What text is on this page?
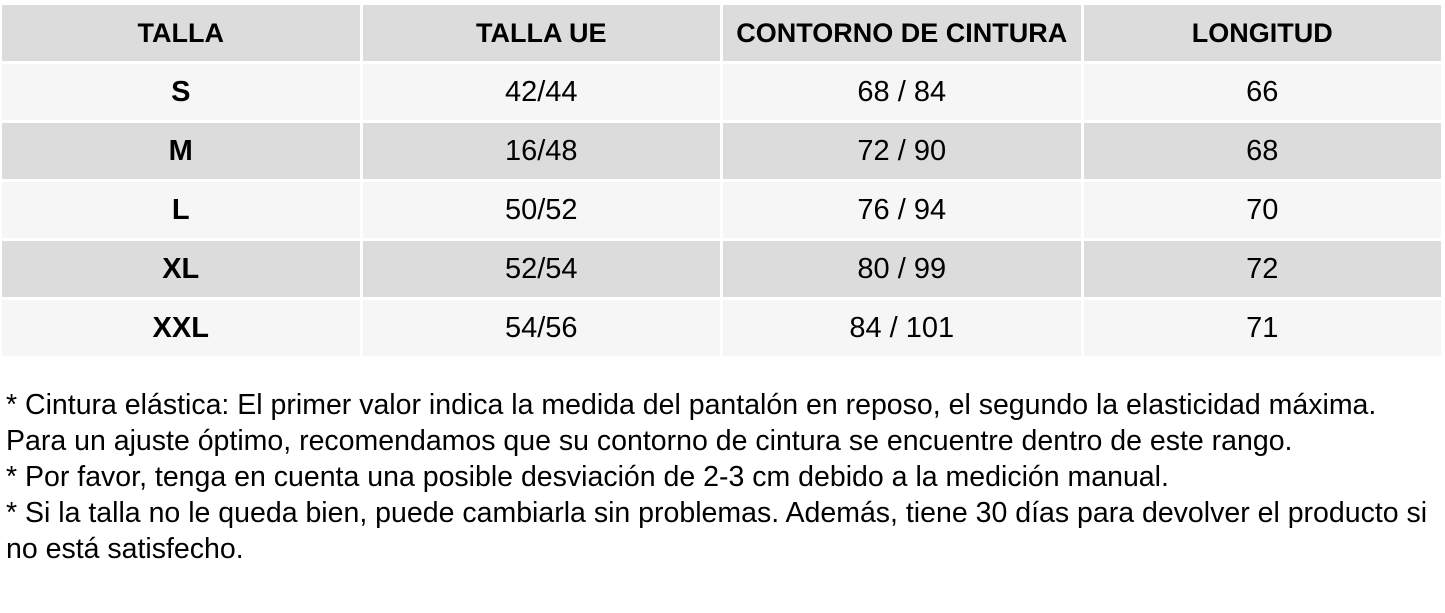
TALLA	TALLA UE	CONTORNO DE CINTURA	LONGITUD
S	42/44	68 / 84	66
M	16/48	72 / 90	68
L	50/52	76 / 94	70
XL	52/54	80 / 99	72
XXL	54/56	84 / 101	71

* Cintura elástica: El primer valor indica la medida del pantalón en reposo, el segundo la elasticidad máxima. Para un ajuste óptimo, recomendamos que su contorno de cintura se encuentre dentro de este rango.

* Por favor, tenga en cuenta una posible desviación de 2-3 cm debido a la medición manual.

* Si la talla no le queda bien, puede cambiarla sin problemas. Además, tiene 30 días para devolver el producto si no está satisfecho.
